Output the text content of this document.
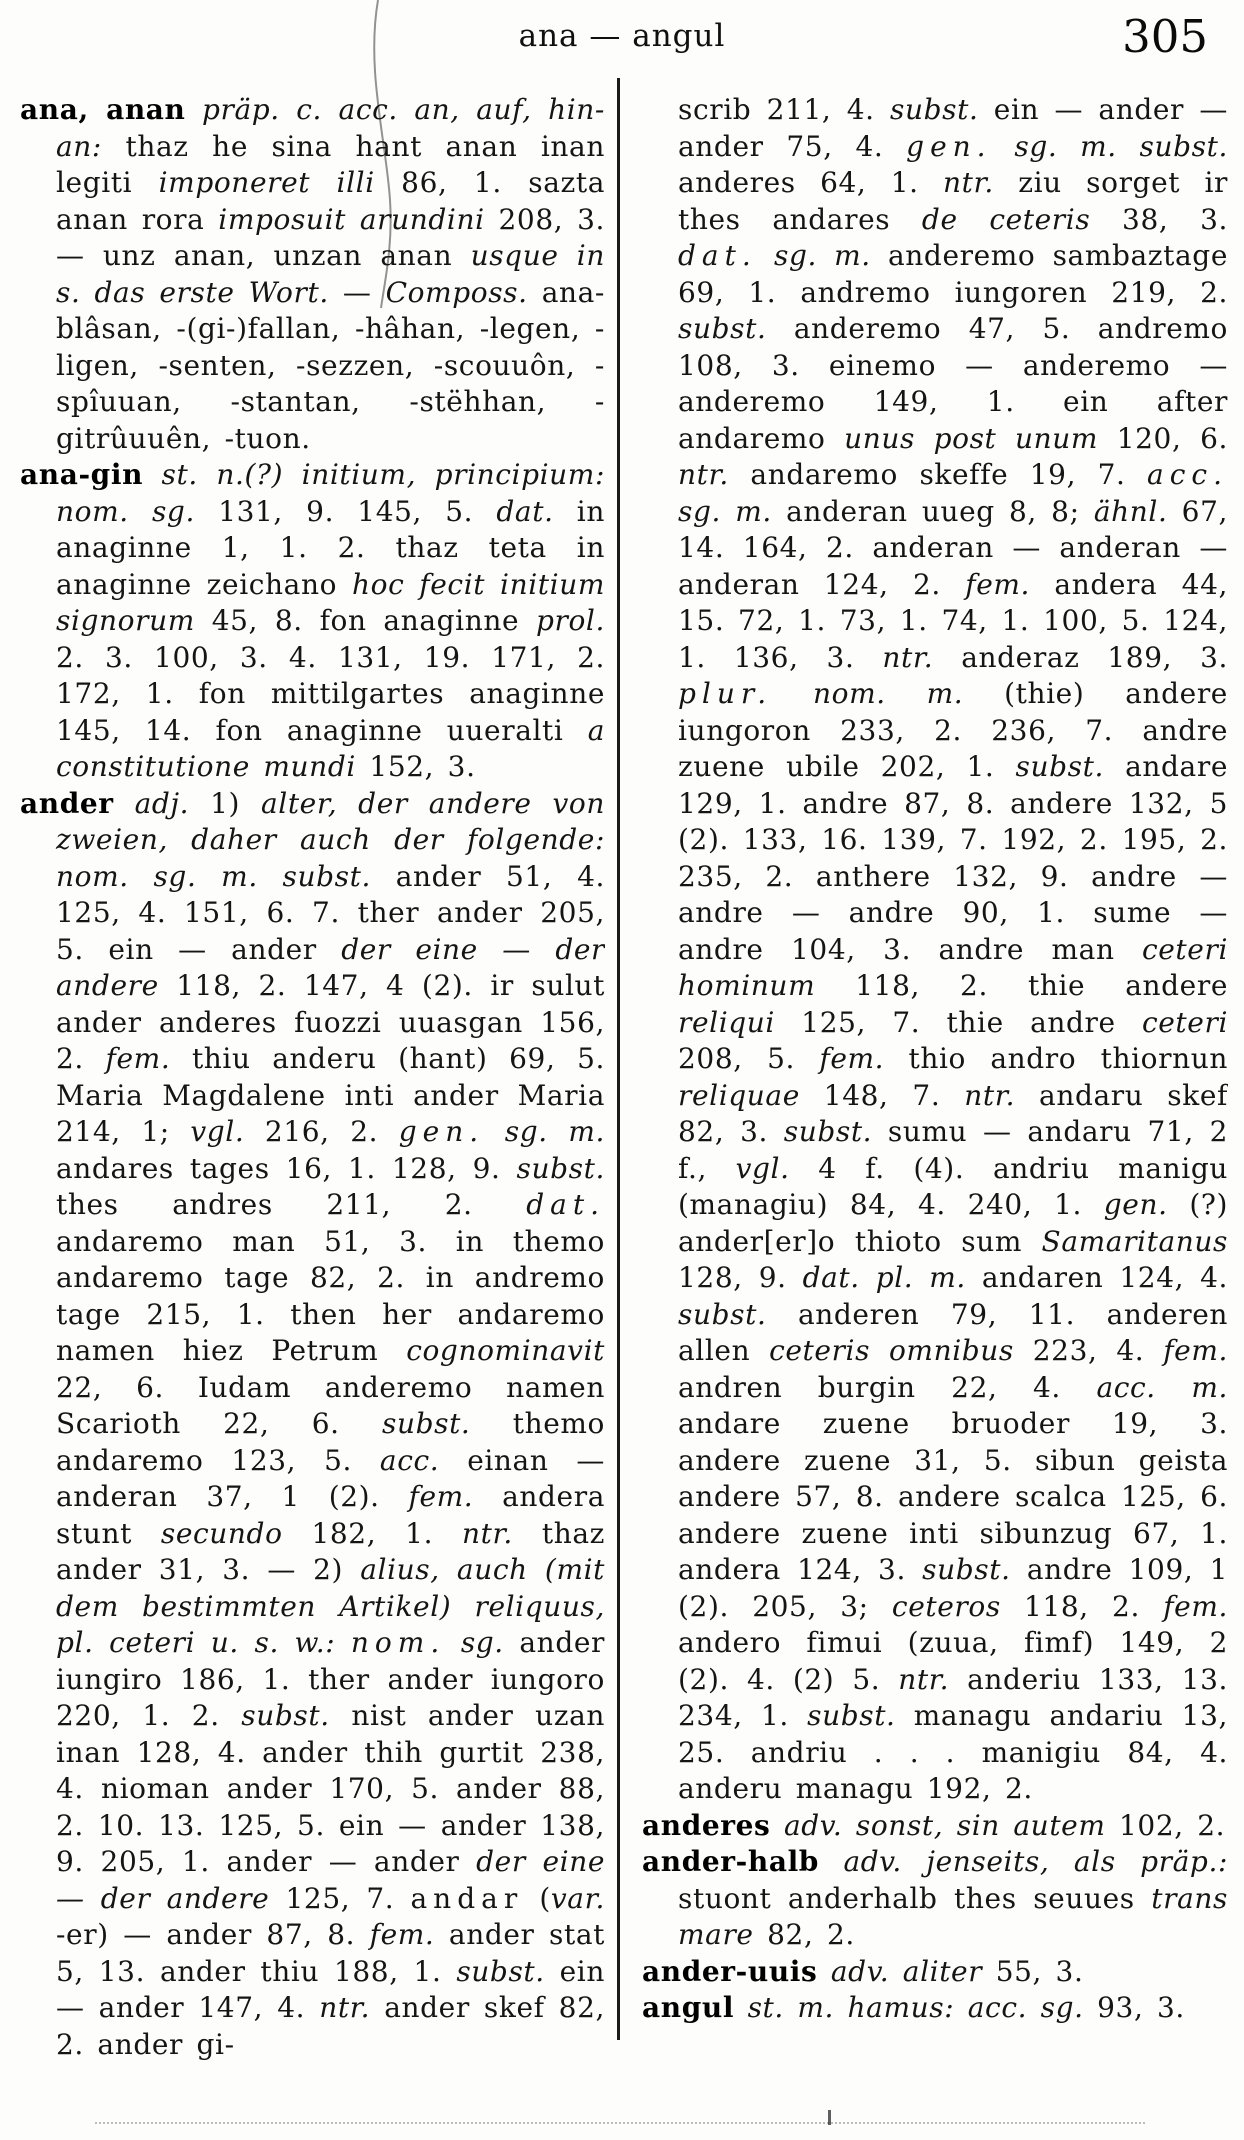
ana — angul	305

ana, anan präp. c. acc. an, auf, hin-an: thaz he sina hant anan inan legiti imponeret illi 86, 1. sazta anan rora imposuit arundini 208, 3. — unz anan, unzan anan usque in s. das erste Wort. — Composs. ana-blâsan, -(gi-)fallan, -hâhan, -legen, -ligen, -senten, -sezzen, -scouuôn, -spîuuan, -stantan, -stëhhan, -gitrûuuên, -tuon.

ana-gin st. n.(?) initium, principium: nom. sg. 131, 9. 145, 5. dat. in anaginne 1, 1. 2. thaz teta in anaginne zeichano hoc fecit initium signorum 45, 8. fon anaginne prol. 2. 3. 100, 3. 4. 131, 19. 171, 2. 172, 1. fon mittilgartes anaginne 145, 14. fon anaginne uueralti a constitutione mundi 152, 3.

ander adj. 1) alter, der andere von zweien, daher auch der folgende: nom. sg. m. subst. ander 51, 4. 125, 4. 151, 6. 7. ther ander 205, 5. ein — ander der eine — der andere 118, 2. 147, 4 (2). ir sulut ander anderes fuozzi uuasgan 156, 2. fem. thiu anderu (hant) 69, 5. Maria Magdalene inti ander Maria 214, 1; vgl. 216, 2. gen. sg. m. andares tages 16, 1. 128, 9. subst. thes andres 211, 2. dat. andaremo man 51, 3. in themo andaremo tage 82, 2. in andremo tage 215, 1. then her andaremo namen hiez Petrum cognominavit 22, 6. Iudam anderemo namen Scarioth 22, 6. subst. themo andaremo 123, 5. acc. einan — anderan 37, 1 (2). fem. andera stunt secundo 182, 1. ntr. thaz ander 31, 3. — 2) alius, auch (mit dem bestimmten Artikel) reliquus, pl. ceteri u. s. w.: nom. sg. ander iungiro 186, 1. ther ander iungoro 220, 1. 2. subst. nist ander uzan inan 128, 4. ander thih gurtit 238, 4. nioman ander 170, 5. ander 88, 2. 10. 13. 125, 5. ein — ander 138, 9. 205, 1. ander — ander der eine — der andere 125, 7. andar (var. -er) — ander 87, 8. fem. ander stat 5, 13. ander thiu 188, 1. subst. ein — ander 147, 4. ntr. ander skef 82, 2. ander gi-

scrib 211, 4. subst. ein — ander — ander 75, 4. gen. sg. m. subst. anderes 64, 1. ntr. ziu sorget ir thes andares de ceteris 38, 3. dat. sg. m. anderemo sambaztage 69, 1. andremo iungoren 219, 2. subst. anderemo 47, 5. andremo 108, 3. einemo — anderemo — anderemo 149, 1. ein after andaremo unus post unum 120, 6. ntr. andaremo skeffe 19, 7. acc. sg. m. anderan uueg 8, 8; ähnl. 67, 14. 164, 2. anderan — anderan — anderan 124, 2. fem. andera 44, 15. 72, 1. 73, 1. 74, 1. 100, 5. 124, 1. 136, 3. ntr. anderaz 189, 3. plur. nom. m. (thie) andere iungoron 233, 2. 236, 7. andre zuene ubile 202, 1. subst. andare 129, 1. andre 87, 8. andere 132, 5 (2). 133, 16. 139, 7. 192, 2. 195, 2. 235, 2. anthere 132, 9. andre — andre — andre 90, 1. sume — andre 104, 3. andre man ceteri hominum 118, 2. thie andere reliqui 125, 7. thie andre ceteri 208, 5. fem. thio andro thiornun reliquae 148, 7. ntr. andaru skef 82, 3. subst. sumu — andaru 71, 2 f., vgl. 4 f. (4). andriu manigu (managiu) 84, 4. 240, 1. gen. (?) ander[er]o thioto sum Samaritanus 128, 9. dat. pl. m. andaren 124, 4. subst. anderen 79, 11. anderen allen ceteris omnibus 223, 4. fem. andren burgin 22, 4. acc. m. andare zuene bruoder 19, 3. andere zuene 31, 5. sibun geista andere 57, 8. andere scalca 125, 6. andere zuene inti sibunzug 67, 1. andera 124, 3. subst. andre 109, 1 (2). 205, 3; ceteros 118, 2. fem. andero fimui (zuua, fimf) 149, 2 (2). 4. (2) 5. ntr. anderiu 133, 13. 234, 1. subst. managu andariu 13, 25. andriu . . . manigiu 84, 4. anderu managu 192, 2.

anderes adv. sonst, sin autem 102, 2.

ander-halb adv. jenseits, als präp.: stuont anderhalb thes seuues trans mare 82, 2.

ander-uuis adv. aliter 55, 3.

angul st. m. hamus: acc. sg. 93, 3.
